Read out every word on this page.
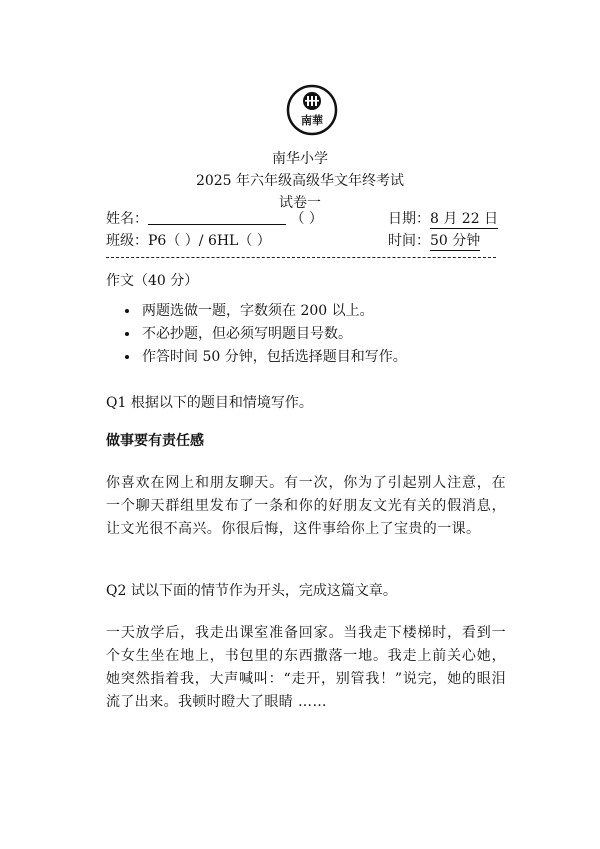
南華
南华小学
2025 年六年级高级华文年终考试
试卷一
姓名：	（ ）	日期：8 月 22 日
班级：P6（ ）/ 6HL（ ）	时间：50 分钟
作文（40 分）
• 两题选做一题，字数须在 200 以上。
• 不必抄题，但必须写明题目号数。
• 作答时间 50 分钟，包括选择题目和写作。
Q1 根据以下的题目和情境写作。
做事要有责任感
你喜欢在网上和朋友聊天。有一次，你为了引起别人注意，在一个聊天群组里发布了一条和你的好朋友文光有关的假消息，让文光很不高兴。你很后悔，这件事给你上了宝贵的一课。
Q2 试以下面的情节作为开头，完成这篇文章。
一天放学后，我走出课室准备回家。当我走下楼梯时，看到一个女生坐在地上，书包里的东西撒落一地。我走上前关心她，她突然指着我，大声喊叫：“走开，别管我！”说完，她的眼泪流了出来。我顿时瞪大了眼睛 ……
